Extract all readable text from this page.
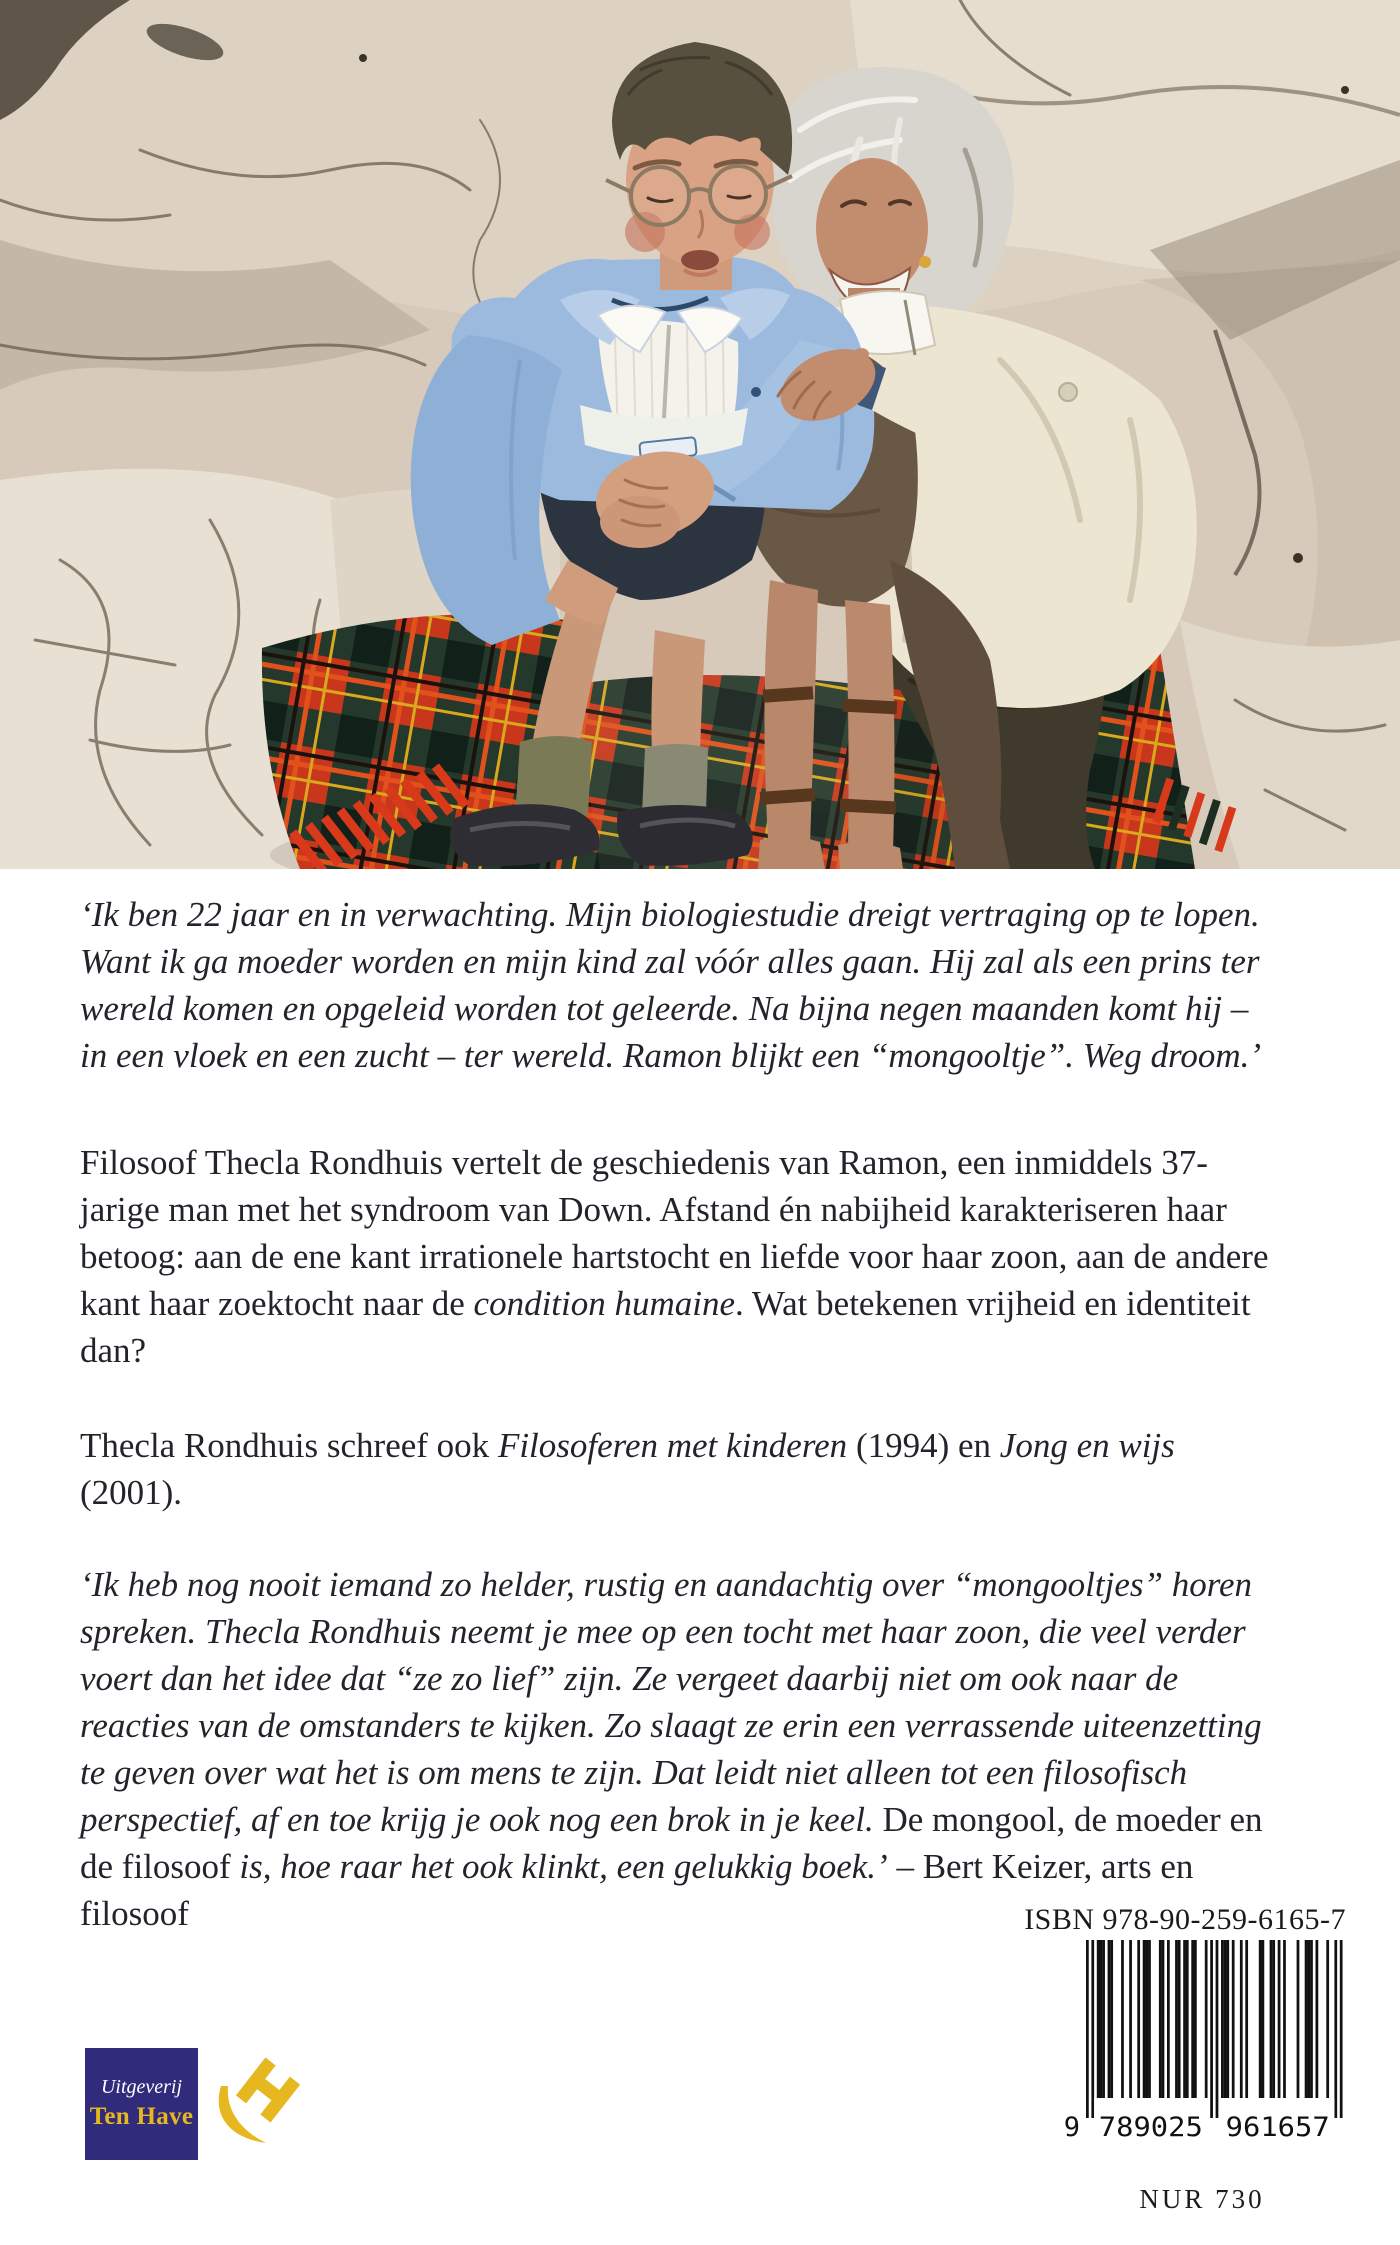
‘Ik ben 22 jaar en in verwachting. Mijn biologiestudie dreigt vertraging op te lopen. Want ik ga moeder worden en mijn kind zal vóór alles gaan. Hij zal als een prins ter wereld komen en opgeleid worden tot geleerde. Na bijna negen maanden komt hij – in een vloek en een zucht – ter wereld. Ramon blijkt een “mongooltje”. Weg droom.’

Filosoof Thecla Rondhuis vertelt de geschiedenis van Ramon, een inmiddels 37-jarige man met het syndroom van Down. Afstand én nabijheid karakteriseren haar betoog: aan de ene kant irrationele hartstocht en liefde voor haar zoon, aan de andere kant haar zoektocht naar de condition humaine. Wat betekenen vrijheid en identiteit dan?

Thecla Rondhuis schreef ook Filosoferen met kinderen (1994) en Jong en wijs (2001).

‘Ik heb nog nooit iemand zo helder, rustig en aandachtig over “mongooltjes” horen spreken. Thecla Rondhuis neemt je mee op een tocht met haar zoon, die veel verder voert dan het idee dat “ze zo lief” zijn. Ze vergeet daarbij niet om ook naar de reacties van de omstanders te kijken. Zo slaagt ze erin een verrassende uiteenzetting te geven over wat het is om mens te zijn. Dat leidt niet alleen tot een filosofisch perspectief, af en toe krijg je ook nog een brok in je keel. De mongool, de moeder en de filosoof is, hoe raar het ook klinkt, een gelukkig boek.’ – Bert Keizer, arts en filosoof	ISBN 978-90-259-6165-7
9 789025 961657
NUR 730
Uitgeverij
Ten Have
